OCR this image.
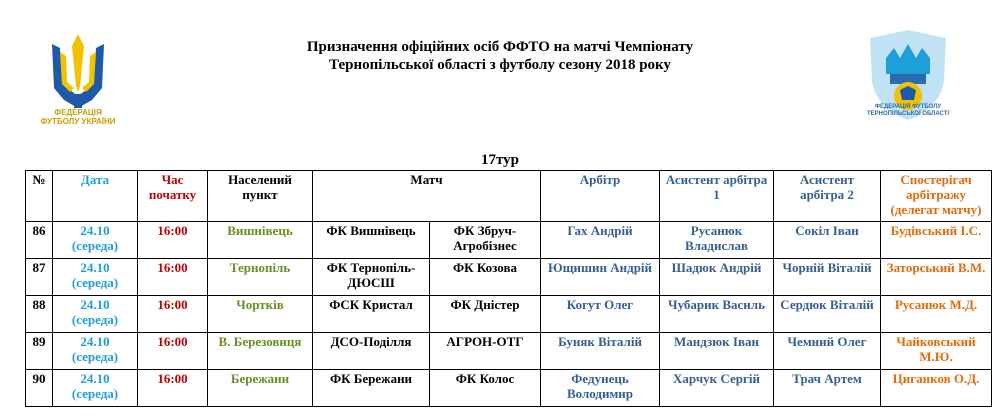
ФЕДЕРАЦІЯ ФУТБОЛУ УКРАЇНИ
ФЕДЕРАЦІЯ ФУТБОЛУ ТЕРНОПІЛЬСЬКОЇ ОБЛАСТІ
Призначення офіційних осіб ФФТО на матчі Чемпіонату
Тернопільської області з футболу сезону 2018 року
17тур
№	Дата	Час початку	Населений пункт	Матч		Арбітр	Асистент арбітра 1	Асистент арбітра 2	Спостерігач арбітражу (делегат матчу)
86	24.10 (середа)	16:00	Вишнівець	ФК Вишнівець	ФК Збруч-Агробізнес	Гах Андрій	Русанюк Владислав	Сокіл Іван	Будівський І.С.
87	24.10 (середа)	16:00	Тернопіль	ФК Тернопіль-ДЮСШ	ФК Козова	Ющишин Андрій	Шадюк Андрій	Чорній Віталій	Заторський В.М.
88	24.10 (середа)	16:00	Чортків	ФСК Кристал	ФК Дністер	Когут Олег	Чубарик Василь	Сердюк Віталій	Русанюк М.Д.
89	24.10 (середа)	16:00	В. Березовиця	ДСО-Поділля	АГРОН-ОТГ	Буняк Віталій	Мандзюк Іван	Чемний Олег	Чайковський М.Ю.
90	24.10 (середа)	16:00	Бережани	ФК Бережани	ФК Колос	Федунець Володимир	Харчук Сергій	Трач Артем	Циганков О.Д.
